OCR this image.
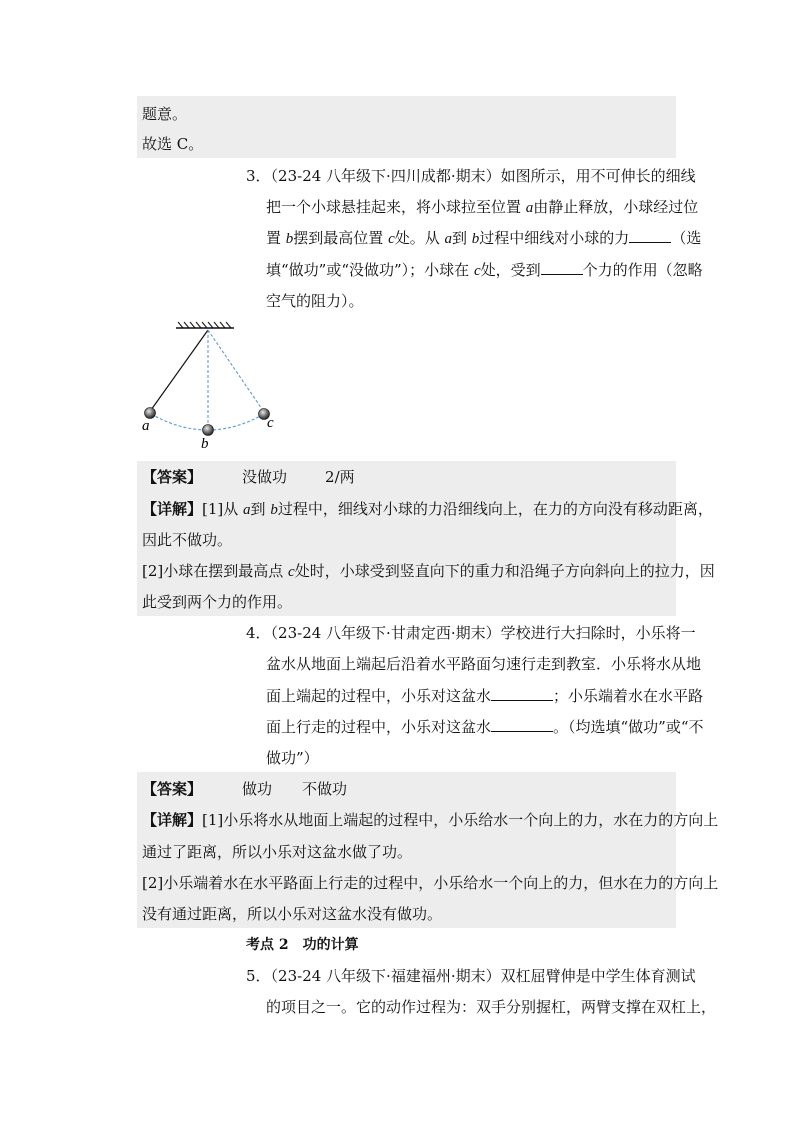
题意。
故选 C。
3．（23-24 八年级下·四川成都·期末）如图所示，用不可伸长的细线
把一个小球悬挂起来，将小球拉至位置 a由静止释放，小球经过位
置 b摆到最高位置 c处。从 a到 b过程中细线对小球的力	（选
填“做功”或“没做功”）；小球在 c处，受到	个力的作用（忽略
空气的阻力）。
a
b
c
【答案】	没做功	2/两
【详解】[1]从 a到 b过程中，细线对小球的力沿细线向上，在力的方向没有移动距离，
因此不做功。
[2]小球在摆到最高点 c处时，小球受到竖直向下的重力和沿绳子方向斜向上的拉力，因
此受到两个力的作用。
4．（23-24 八年级下·甘肃定西·期末）学校进行大扫除时，小乐将一
盆水从地面上端起后沿着水平路面匀速行走到教室．小乐将水从地
面上端起的过程中，小乐对这盆水	；小乐端着水在水平路
面上行走的过程中，小乐对这盆水	。（均选填“做功”或“不
做功”）
【答案】	做功 不做功
【详解】[1]小乐将水从地面上端起的过程中，小乐给水一个向上的力，水在力的方向上
通过了距离，所以小乐对这盆水做了功。
[2]小乐端着水在水平路面上行走的过程中，小乐给水一个向上的力，但水在力的方向上
没有通过距离，所以小乐对这盆水没有做功。
考点 2　功的计算
5．（23-24 八年级下·福建福州·期末）双杠屈臂伸是中学生体育测试
的项目之一。它的动作过程为：双手分别握杠，两臂支撑在双杠上，
